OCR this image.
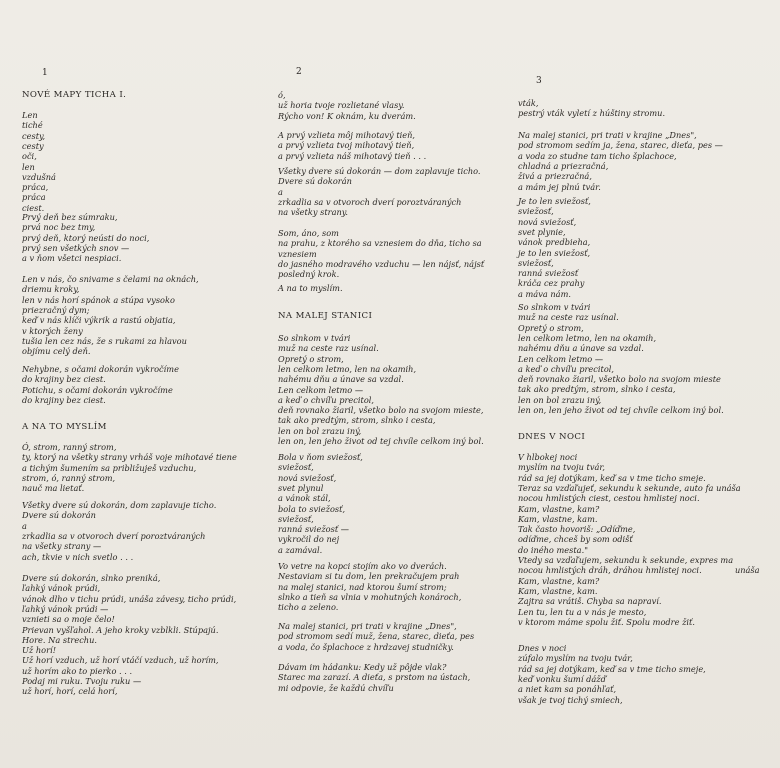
1
NOVÉ MAPY TICHA I.
Len
tiché
cesty,
cesty
oči,
len
vzdušná
práca,
práca
ciest.
Prvý deň bez súmraku,
prvá noc bez tmy,
prvý deň, ktorý neústi do noci,
prvý sen všetkých snov —
a v ňom všetci nespiaci.
Len v nás, čo snivame s čelami na oknách,
driemu kroky,
len v nás horí spánok a stúpa vysoko
priezračný dym;
keď v nás klíči výkrik a rastú objatia,
v ktorých ženy
tušia len cez nás, že s rukami za hlavou
objímu celý deň.
Nehybne, s očami dokorán vykročíme
do krajiny bez ciest.
Potichu, s očami dokorán vykročíme
do krajiny bez ciest.
A NA TO MYSLÍM
Ó, strom, ranný strom,
ty, ktorý na všetky strany vrháš voje mihotavé tiene
a tichým šumením sa približuješ vzduchu,
strom, ó, ranný strom,
nauč ma lietať.
Všetky dvere sú dokorán, dom zaplavuje ticho.
Dvere sú dokorán
a
zrkadlia sa v otvoroch dverí poroztváraných
na všetky strany —
ach, tkvie v nich svetlo . . .
Dvere sú dokorán, slnko preniká,
ľahký vánok prúdi,
vánok dlho v tichu prúdi, unáša závesy, ticho prúdi,
ľahký vánok prúdi —
vznieti sa o moje čelo!
Prievan vyšľahol. A jeho kroky vzblkli. Stúpajú.
Hore. Na strechu.
Už horí!
Už horí vzduch, už horí vtáčí vzduch, už horím,
už horím ako to pierko . . .
Podaj mi ruku. Tvoju ruku —
už horí, horí, celá horí,
2
ó,
už horia tvoje rozlietané vlasy.
Rýcho von! K oknám, ku dverám.
A prvý vzlieta môj mihotavý tieň,
a prvý vzlieta tvoj mihotavý tieň,
a prvý vzlieta náš mihotavý tieň . . .
Všetky dvere sú dokorán — dom zaplavuje ticho.
Dvere sú dokorán
a
zrkadlia sa v otvoroch dverí poroztváraných
na všetky strany.
Som, áno, som
na prahu, z ktorého sa vznesiem do dňa, ticho sa
vznesiem
do jasného modravého vzduchu — len nájsť, nájsť
posledný krok.
A na to myslím.
NA MALEJ STANICI
So slnkom v tvári
muž na ceste raz usínal.
Opretý o strom,
len celkom letmo, len na okamih,
nahému dňu a únave sa vzdal.
Len celkom letmo —
a keď o chvíľu precitol,
deň rovnako žiaril, všetko bolo na svojom mieste,
tak ako predtým, strom, slnko i cesta,
len on bol zrazu iný,
len on, len jeho život od tej chvíle celkom iný bol.
Bola v ňom sviežosť,
sviežosť,
nová sviežosť,
svet plynul
a vánok stál,
bola to sviežosť,
sviežosť,
ranná sviežosť —
vykročil do nej
a zamával.
Vo vetre na kopci stojím ako vo dverách.
Nestaviam si tu dom, len prekračujem prah
na malej stanici, nad ktorou šumí strom;
slnko a tieň sa vlnia v mohutných konároch,
ticho a zeleno.
Na malej stanici, pri trati v krajine „Dnes",
pod stromom sedí muž, žena, starec, dieťa, pes
a voda, čo šplachoce z hrdzavej studničky.
Dávam im hádanku: Kedy už pôjde vlak?
Starec ma zarazí. A dieťa, s prstom na ústach,
mi odpovie, že každú chvíľu
3
vták,
pestrý vták vyletí z húštiny stromu.
Na malej stanici, pri trati v krajine „Dnes",
pod stromom sedím ja, žena, starec, dieťa, pes —
a voda zo studne tam ticho šplachoce,
chladná a priezračná,
živá a priezračná,
a mám jej plnú tvár.
Je to len sviežosť,
sviežosť,
nová sviežosť,
svet plynie,
vánok predbieha,
je to len sviežosť,
sviežosť,
ranná sviežosť
kráča cez prahy
a máva nám.
So slnkom v tvári
muž na ceste raz usínal.
Opretý o strom,
len celkom letmo, len na okamih,
nahému dňu a únave sa vzdal.
Len celkom letmo —
a keď o chvíľu precitol,
deň rovnako žiaril, všetko bolo na svojom mieste
tak ako predtým, strom, slnko i cesta,
len on bol zrazu iný,
len on, len jeho život od tej chvíle celkom iný bol.
DNES V NOCI
V hlbokej noci
myslím na tvoju tvár,
rád sa jej dotýkam, keď sa v tme ticho smeje.
Teraz sa vzďaľujeť, sekundu k sekunde, auto fa unáša
nocou hmlistých ciest, cestou hmlistej noci.
Kam, vlastne, kam?
Kam, vlastne, kam.
Tak často hovoriš: „Odíďme,
odíďme, chceš by som odišť
do iného mesta."
Vtedy sa vzďaľujem, sekundu k sekunde, expres ma
nocou hmlistých dráh, dráhou hmlistej noci.
Kam, vlastne, kam?
Kam, vlastne, kam.
Zajtra sa vrátiš. Chyba sa napraví.
Len tu, len tu a v nás je mesto,
v ktorom máme spolu žiť. Spolu modre žiť.
Dnes v noci
zúfalo myslím na tvoju tvár,
rád sa jej dotýkam, keď sa v tme ticho smeje,
keď vonku šumí dážď
a niet kam sa ponáhľať,
však je tvoj tichý smiech,
unáša
